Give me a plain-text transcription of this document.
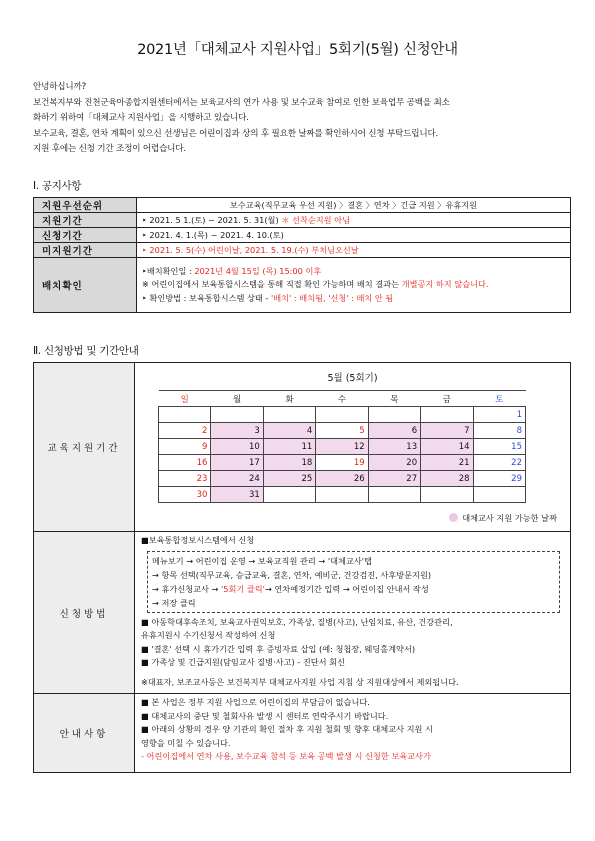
2021년「대체교사 지원사업」5회기(5월) 신청안내
안녕하십니까?
보건복지부와 진천군육아종합지원센터에서는 보육교사의 연가 사용 및 보수교육 참여로 인한 보육업무 공백을 최소
화하기 위하여「대체교사 지원사업」을 시행하고 있습니다.
보수교육, 결혼, 연차 계획이 있으신 선생님은 어린이집과 상의 후 필요한 날짜를 확인하시어 신청 부탁드립니다.
지원 후에는 신청 기간 조정이 어렵습니다.
Ⅰ. 공지사항
지원우선순위	보수교육(직무교육 우선 지원) 〉결혼 〉연차 〉긴급 지원 〉유휴지원
지원기간	‣ 2021. 5 1.(토) ~ 2021. 5. 31(월) ＊ 선착순지원 아님
신청기간	‣ 2021. 4. 1.(목) ~ 2021. 4. 10.(토)
미지원기간	‣ 2021. 5. 5(수) 어린이날, 2021. 5. 19.(수) 부처님오신날
배치확인	‣배치확인일 : 2021년 4월 15일 (목) 15:00 이후
※ 어린이집에서 보육통합시스템을 통해 직접 확인 가능하며 배치 결과는 개별공지 하지 않습니다.
‣ 확인방법 : 보육통합시스템 상태 - '배치' : 배치됨, '신청' : 배치 안 됨
Ⅱ. 신청방법 및 기간안내
교육지원기간	
5월 (5회기)
일	월	화	수	목	금	토
						1
2	3	4	5	6	7	8
9	10	11	12	13	14	15
16	17	18	19	20	21	22
23	24	25	26	27	28	29
30	31					
대체교사 지원 가능한 날짜

신청방법	
■보육통합정보시스템에서 신청
메뉴보기 → 어린이집 운영 → 보육교직원 관리 → '대체교사'탭
→ 항목 선택(직무교육, 승급교육, 결혼, 연차, 예비군, 건강검진, 사후방문지원)
→ 휴가신청교사 → '5회기 클릭'→ 연차예정기간 입력 → 어린이집 안내서 작성
→ 저장 클릭
■ 아동학대후속조치, 보육교사권익보호, 가족상, 질병(사고), 난임치료, 유산, 건강관리,
유휴지원시 수기신청서 작성하여 신청
■ '결혼' 선택 시 휴가기간 입력 후 증빙자료 삽입 (예: 청첩장, 웨딩홀계약서)
■ 가족상 및 긴급지원(담임교사 질병·사고) - 진단서 회신
※대표자, 보조교사등은 보건복지부 대체교사지원 사업 지침 상 지원대상에서 제외됩니다.

안내사항	
■ 본 사업은 정부 지원 사업으로 어린이집의 부담금이 없습니다.
■ 대체교사의 중단 및 철회사유 발생 시 센터로 연락주시기 바랍니다.
■ 아래의 상황의 경우 양 기관의 확인 절차 후 지원 철회 및 향후 대체교사 지원 시
영향을 미칠 수 있습니다.
- 어린이집에서 연차 사용, 보수교육 참석 등 보육 공백 발생 시 신청한 보육교사가
